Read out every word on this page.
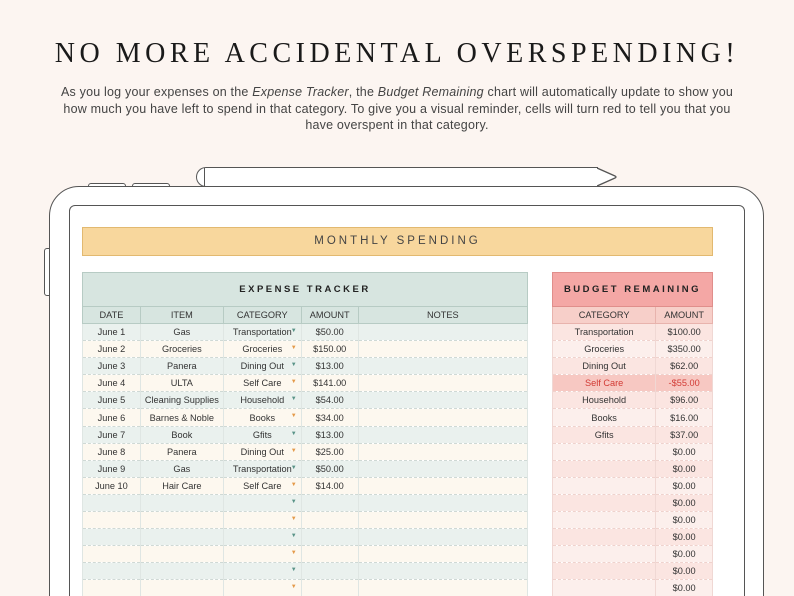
NO MORE ACCIDENTAL OVERSPENDING!
As you log your expenses on the Expense Tracker, the Budget Remaining chart will automatically update to show you how much you have left to spend in that category. To give you a visual reminder, cells will turn red to tell you that you have overspent in that category.
MONTHLY SPENDING
EXPENSE TRACKER				
DATE	ITEM	CATEGORY	AMOUNT	NOTES
June 1	Gas	Transportation ▼	$50.00	
June 2	Groceries	Groceries ▼	$150.00	
June 3	Panera	Dining Out ▼	$13.00	
June 4	ULTA	Self Care ▼	$141.00	
June 5	Cleaning Supplies	Household ▼	$54.00	
June 6	Barnes & Noble	Books ▼	$34.00	
June 7	Book	Gfits ▼	$13.00	
June 8	Panera	Dining Out ▼	$25.00	
June 9	Gas	Transportation ▼	$50.00	
June 10	Hair Care	Self Care ▼	$14.00	

		▼		

		▼		

		▼		

		▼		

		▼		

		▼		

BUDGET REMAINING	
CATEGORY	AMOUNT
Transportation	$100.00
Groceries	$350.00
Dining Out	$62.00
Self Care	-$55.00
Household	$96.00
Books	$16.00
Gfits	$37.00
	$0.00
	$0.00
	$0.00
	$0.00
	$0.00
	$0.00
	$0.00
	$0.00
	$0.00
